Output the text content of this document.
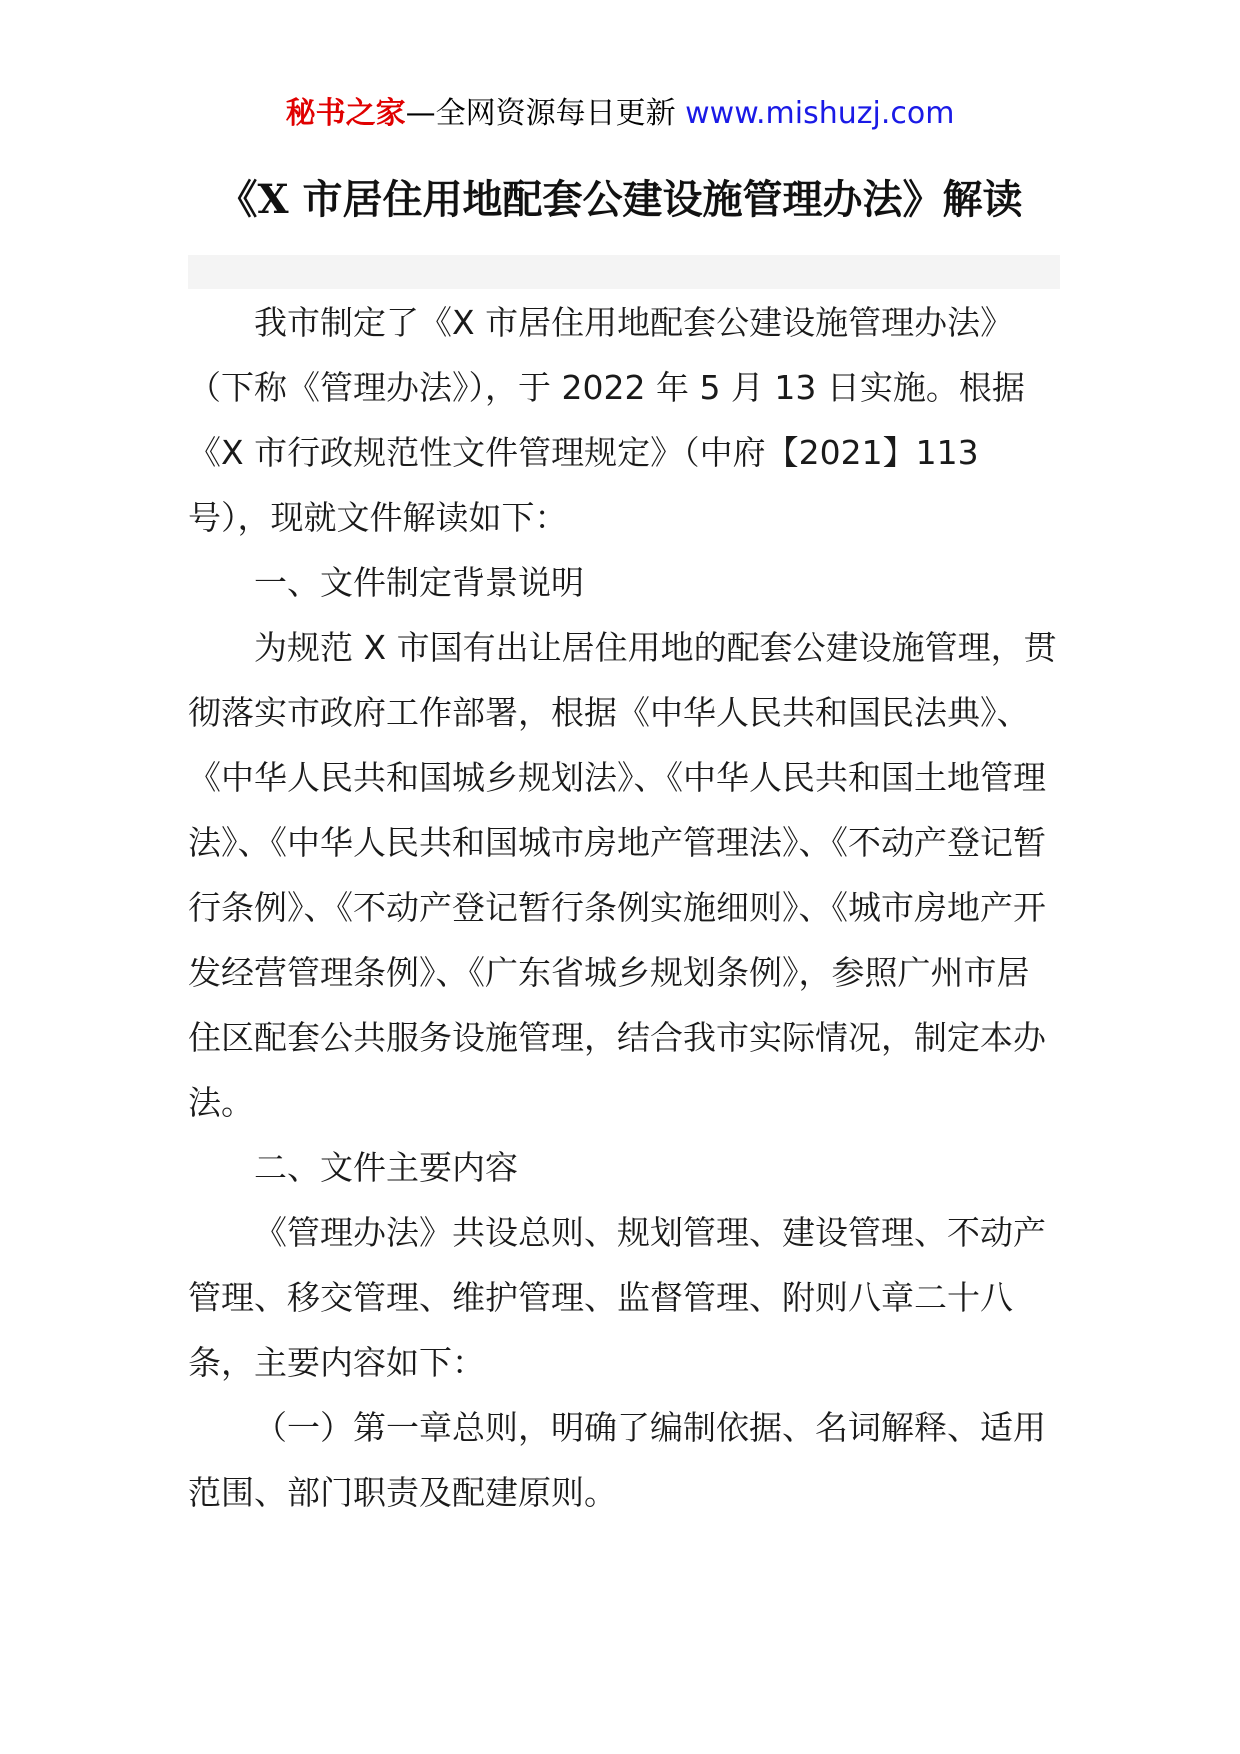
秘书之家—全网资源每日更新 www.mishuzj.com
《X 市居住用地配套公建设施管理办法》解读

我市制定了《X 市居住用地配套公建设施管理办法》（下称《管理办法》），于 2022 年 5 月 13 日实施。根据《X 市行政规范性文件管理规定》（中府【2021】113 号），现就文件解读如下：

一、文件制定背景说明

为规范 X 市国有出让居住用地的配套公建设施管理，贯彻落实市政府工作部署，根据《中华人民共和国民法典》、《中华人民共和国城乡规划法》、《中华人民共和国土地管理法》、《中华人民共和国城市房地产管理法》、《不动产登记暂行条例》、《不动产登记暂行条例实施细则》、《城市房地产开发经营管理条例》、《广东省城乡规划条例》，参照广州市居住区配套公共服务设施管理，结合我市实际情况，制定本办法。

二、文件主要内容

《管理办法》共设总则、规划管理、建设管理、不动产管理、移交管理、维护管理、监督管理、附则八章二十八条，主要内容如下：

（一）第一章总则，明确了编制依据、名词解释、适用范围、部门职责及配建原则。
